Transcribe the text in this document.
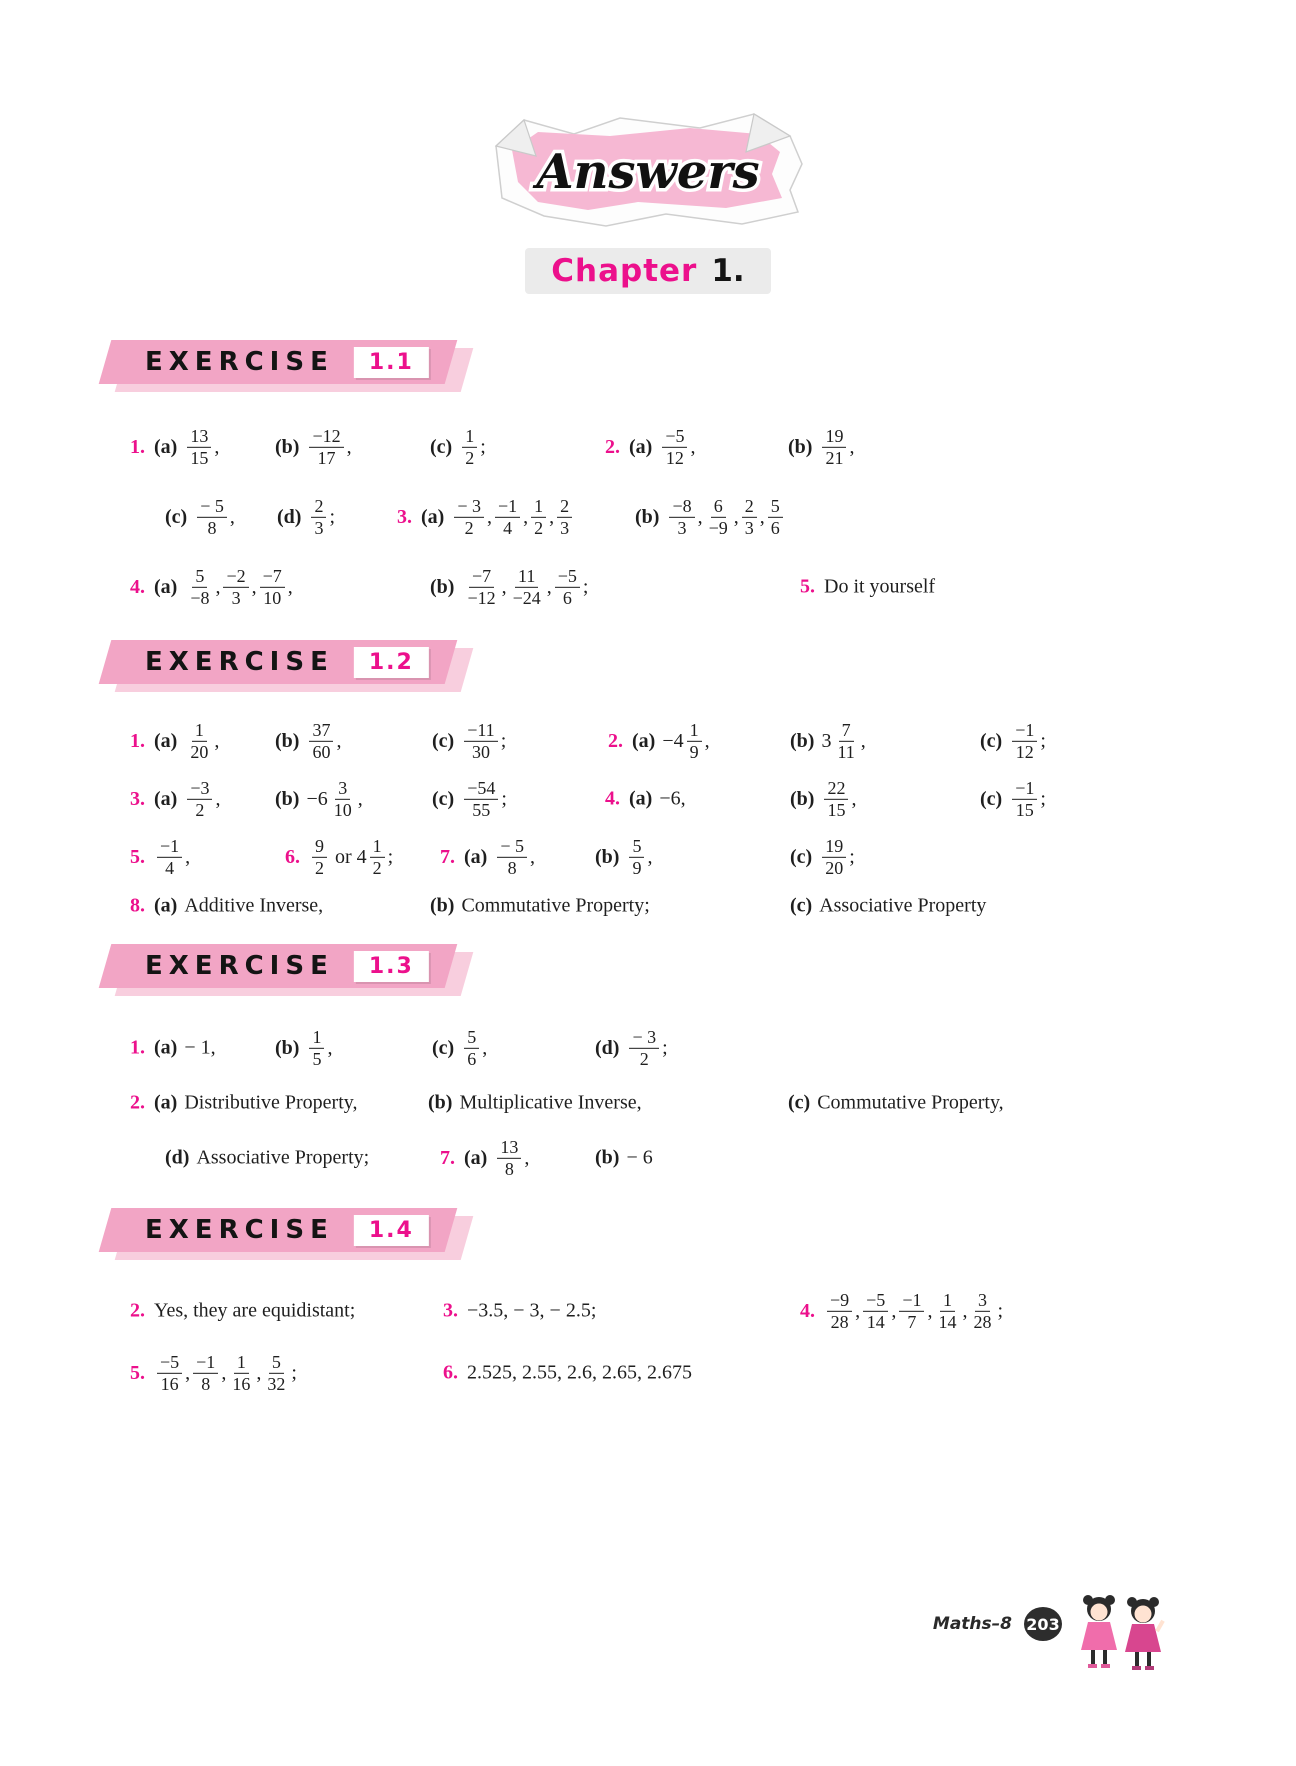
Answers
Chapter 1.
EXERCISE	1.1
1. $(a) \frac{13}{15}$ ,	$(b) \frac{-12}{17}$ ,	$(c) \frac{1}{2}$ ;	2. $(a) \frac{-5}{12}$ ,	$(b) \frac{19}{21}$ ,
$(c) \frac{- 5}{8}$ , $(d) \frac{2}{3}$ ;	3. $(a) \frac{- 3}{2}$ , $\frac{-1}{4}$ , $\frac{1}{2}$ , $\frac{2}{3}$	$(b) \frac{-8}{3}$ , $\frac{6}{-9}$ , $\frac{2}{3}$ , $\frac{5}{6}$
4. $(a) \frac{5}{-8}$ , $\frac{-2}{3}$ , $\frac{-7}{10}$ ,	$(b) \frac{-7}{-12}$ , $\frac{11}{-24}$ , $\frac{-5}{6}$ ;	5. Do it yourself
EXERCISE	1.2
1. $(a) \frac{1}{20}$ ,	$(b) \frac{37}{60}$ ,	$(c) \frac{-11}{30}$ ;	2. $(a) -4 \frac{1}{9}$ ,	(b) $3 \frac{7}{11}$ ,	$(c) \frac{-1}{12}$ ;
3. $(a) \frac{-3}{2}$ ,	$(b) -6 \frac{3}{10}$ ,	$(c) \frac{-54}{55}$ ;	4. (a) −6,	$(b) \frac{22}{15}$ ,	$(c) \frac{-1}{15}$ ;
5. $\frac{-1}{4}$ ,	6. $\frac{9}{2}$ or $4 \frac{1}{2}$ ; 7. $(a) \frac{- 5}{8}$ ,	$(b) \frac{5}{9}$ ,	$(c) \frac{19}{20}$ ;
8. (a) Additive Inverse,	(b) Commutative Property;	(c) Associative Property
EXERCISE	1.3
1. (a) − 1,	$(b) \frac{1}{5}$ ,	$(c) \frac{5}{6}$ ,	$(d) \frac{- 3}{2}$ ;
2. (a) Distributive Property,	(b) Multiplicative Inverse,	(c) Commutative Property,
(d) Associative Property;	7. $(a) \frac{13}{8}$ ,	(b) − 6
EXERCISE	1.4
2. Yes, they are equidistant;	3. −3.5, − 3, − 2.5;	4. $\frac{-9}{28}$ , $\frac{-5}{14}$ , $\frac{-1}{7}$ , $\frac{1}{14}$ , $\frac{3}{28}$ ;
5. $\frac{-5}{16}$ , $\frac{-1}{8}$ , $\frac{1}{16}$ , $\frac{5}{32}$ ;	6. 2.525, 2.55, 2.6, 2.65, 2.675
Maths–8 203
